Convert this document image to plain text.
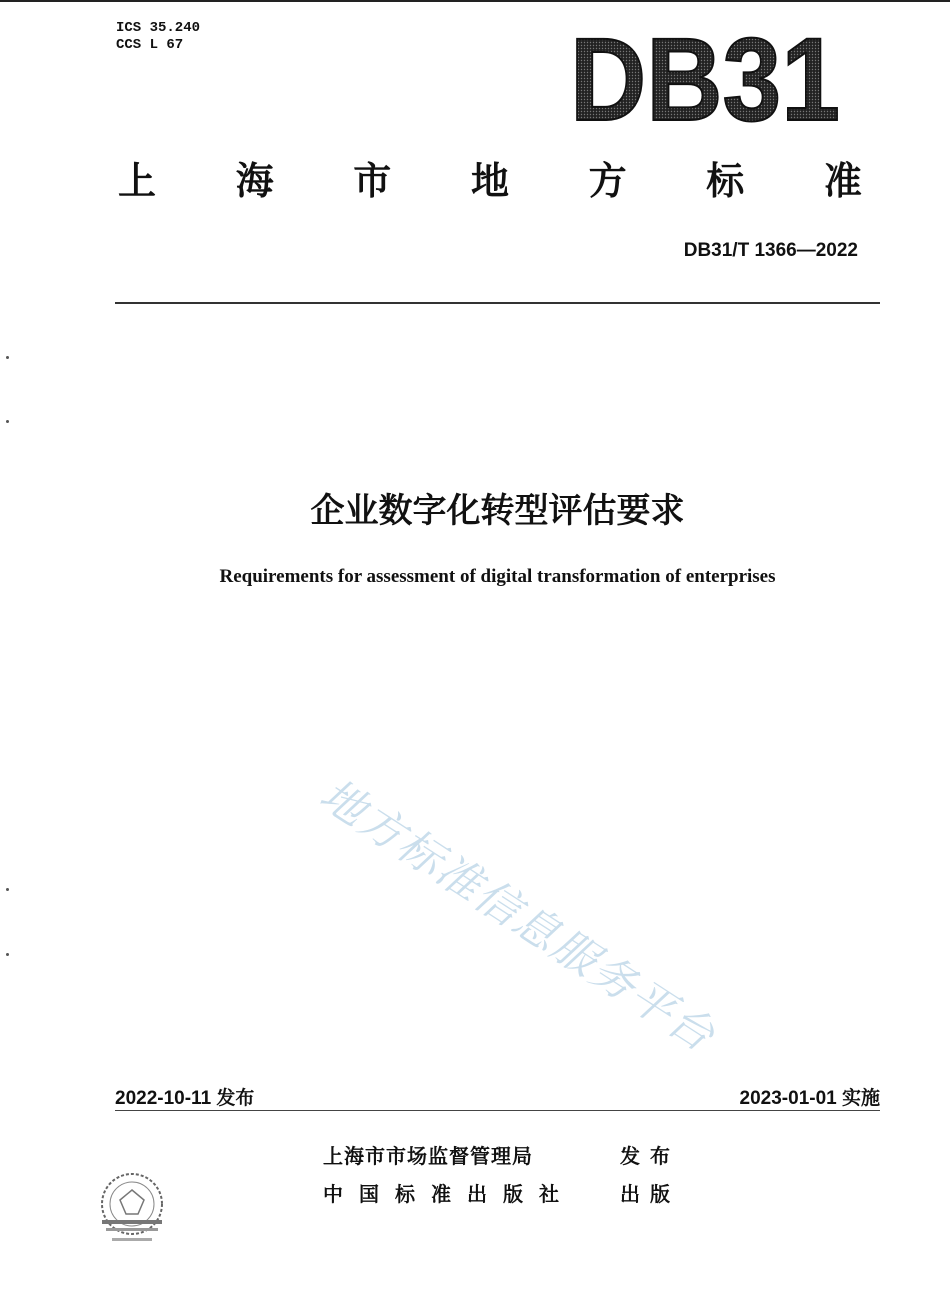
ICS 35.240
CCS L 67	DB31
上 海 市 地 方 标 准
DB31/T 1366—2022
企业数字化转型评估要求
Requirements for assessment of digital transformation of enterprises
地方标准信息服务平台
2022-10-11 发布	2023-01-01 实施
上海市市场监督管理局	发布
中国标准出版社 出版
